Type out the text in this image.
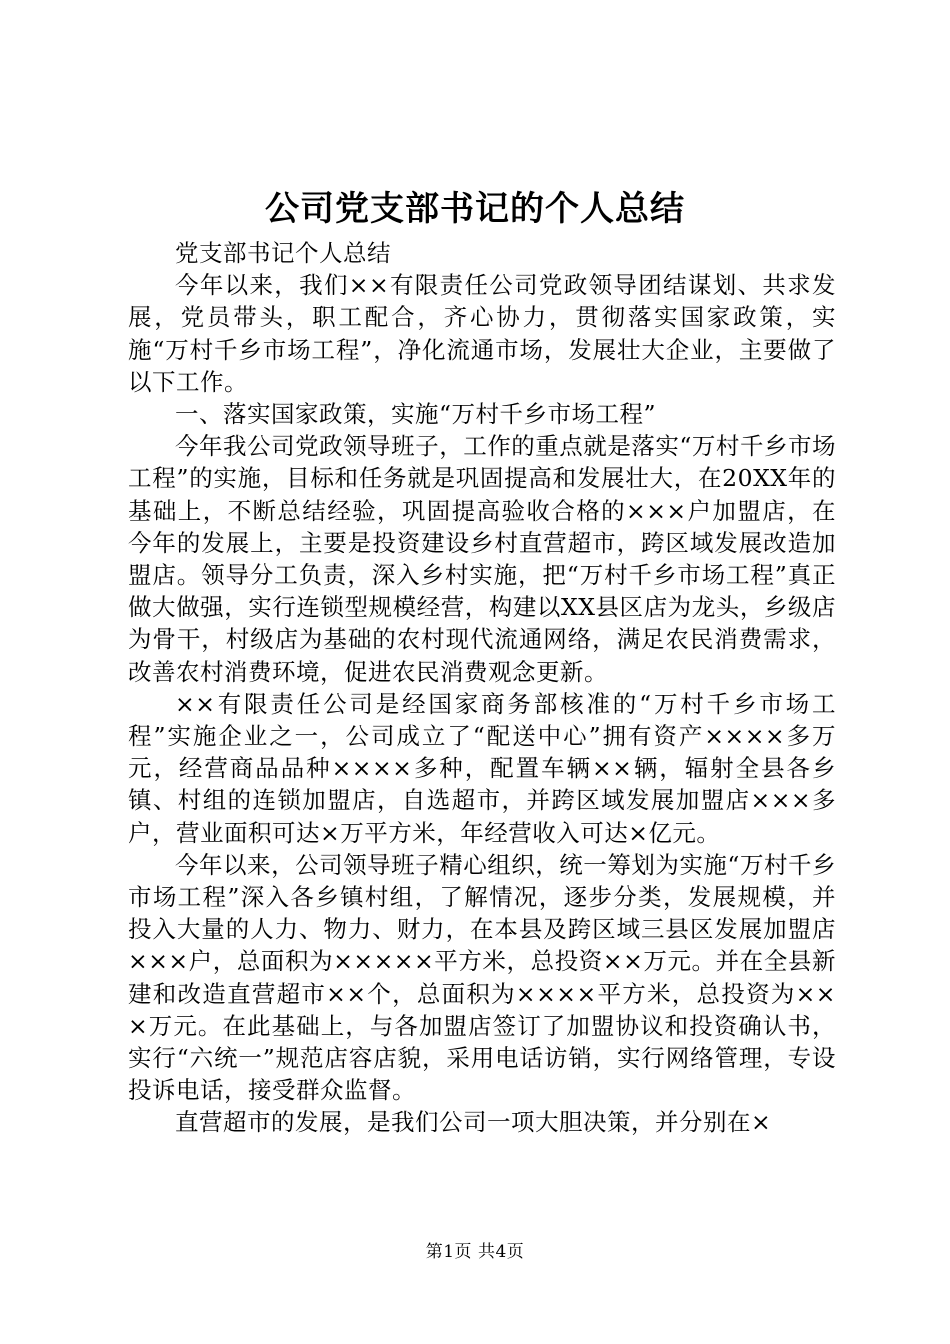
公司党支部书记的个人总结

党支部书记个人总结

今年以来，我们××有限责任公司党政领导团结谋划、共求发展，党员带头，职工配合，齐心协力，贯彻落实国家政策，实施“万村千乡市场工程”，净化流通市场，发展壮大企业，主要做了以下工作。

一、落实国家政策，实施“万村千乡市场工程”

今年我公司党政领导班子，工作的重点就是落实“万村千乡市场工程”的实施，目标和任务就是巩固提高和发展壮大，在20XX年的基础上，不断总结经验，巩固提高验收合格的×××户加盟店，在今年的发展上，主要是投资建设乡村直营超市，跨区域发展改造加盟店。领导分工负责，深入乡村实施，把“万村千乡市场工程”真正做大做强，实行连锁型规模经营，构建以XX县区店为龙头，乡级店为骨干，村级店为基础的农村现代流通网络，满足农民消费需求，改善农村消费环境，促进农民消费观念更新。

××有限责任公司是经国家商务部核准的“万村千乡市场工程”实施企业之一，公司成立了“配送中心”拥有资产××××多万元，经营商品品种××××多种，配置车辆××辆，辐射全县各乡镇、村组的连锁加盟店，自选超市，并跨区域发展加盟店×××多户，营业面积可达×万平方米，年经营收入可达×亿元。

今年以来，公司领导班子精心组织，统一筹划为实施“万村千乡市场工程”深入各乡镇村组，了解情况，逐步分类，发展规模，并投入大量的人力、物力、财力，在本县及跨区域三县区发展加盟店×××户，总面积为×××××平方米，总投资××万元。并在全县新建和改造直营超市××个，总面积为××××平方米，总投资为×××万元。在此基础上，与各加盟店签订了加盟协议和投资确认书，实行“六统一”规范店容店貌，采用电话访销，实行网络管理，专设投诉电话，接受群众监督。

直营超市的发展，是我们公司一项大胆决策，并分别在×

第1页 共4页
